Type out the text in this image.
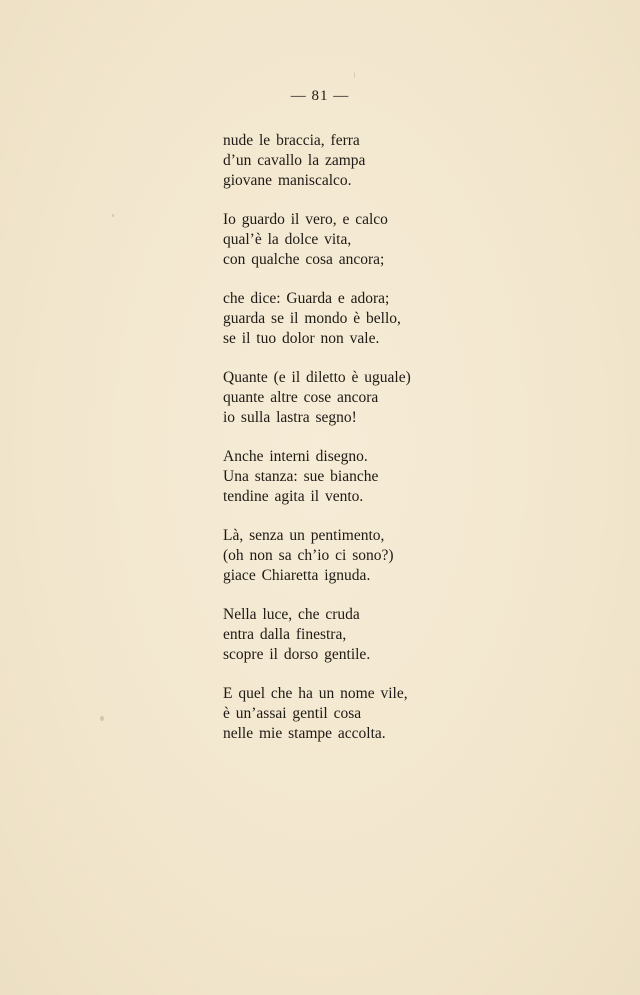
— 81 —
nude le braccia, ferra
d’un cavallo la zampa
giovane maniscalco.
Io guardo il vero, e calco
qual’è la dolce vita,
con qualche cosa ancora;
che dice: Guarda e adora;
guarda se il mondo è bello,
se il tuo dolor non vale.
Quante (e il diletto è uguale)
quante altre cose ancora
io sulla lastra segno!
Anche interni disegno.
Una stanza: sue bianche
tendine agita il vento.
Là, senza un pentimento,
(oh non sa ch’io ci sono?)
giace Chiaretta ignuda.
Nella luce, che cruda
entra dalla finestra,
scopre il dorso gentile.
E quel che ha un nome vile,
è un’assai gentil cosa
nelle mie stampe accolta.
